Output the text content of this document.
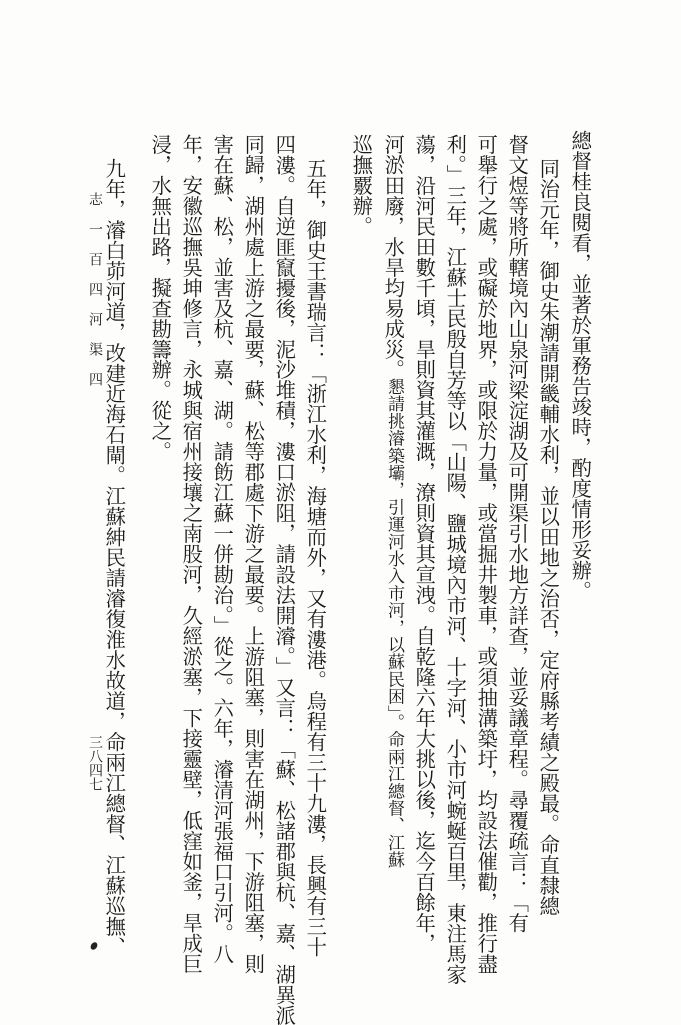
志 一 百 四 河 渠 四
三八四七
總督桂良閱看，並著於軍務告竣時，酌度情形妥辦。
同治元年，御史朱潮請開畿輔水利，並以田地之治否，定府縣考績之殿最。命直隸總
督文煜等將所轄境內山泉河梁淀湖及可開渠引水地方詳查，並妥議章程。尋覆疏言：「有
可舉行之處，或礙於地界，或限於力量，或當掘井製車，或須抽溝築圩，均設法催勸，推行盡
利。」三年，江蘇士民殷自芳等以「山陽、鹽城境內市河、十字河、小市河蜿蜒百里，東注馬家
蕩，沿河民田數千頃，旱則資其灌溉，潦則資其宣洩。自乾隆六年大挑以後，迄今百餘年，
河淤田廢，水旱均易成災。
懇請挑濬築壩，引運河水入市河，以蘇民困」。命兩江總督、江蘇
巡撫覈辦。
五年，御史王書瑞言：「浙江水利，海塘而外，又有漊港。烏程有三十九漊，長興有三十
四漊。自逆匪竄擾後，泥沙堆積，漊口淤阻，請設法開濬。」又言：「蘇、松諸郡與杭、嘉、湖異派
同歸，湖州處上游之最要，蘇、松等郡處下游之最要。上游阻塞，則害在湖州，下游阻塞，則
害在蘇、松，並害及杭、嘉、湖。請飭江蘇一併勘治。」從之。六年，濬清河張福口引河。八
年，安徽巡撫吳坤修言，永城與宿州接壤之南股河，久經淤塞，下接靈壁，低窪如釜，旱成巨
浸，水無出路，擬查勘籌辦。從之。
九年，濬白茆河道，改建近海石閘。江蘇紳民請濬復淮水故道，命兩江總督、江蘇巡撫、
